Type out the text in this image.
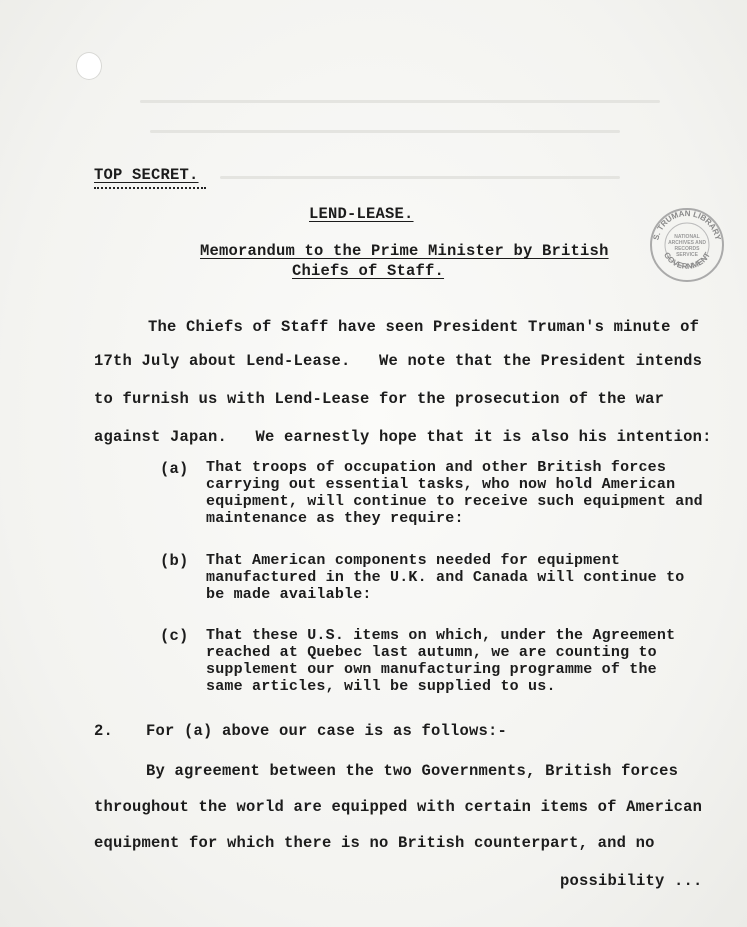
TOP SECRET.
LEND-LEASE.
Memorandum to the Prime Minister by British
Chiefs of Staff.
S. TRUMAN LIBRARY
GOVERNMENT
NATIONAL ARCHIVES AND RECORDS SERVICE
The Chiefs of Staff have seen President Truman's minute of
17th July about Lend-Lease.   We note that the President intends
to furnish us with Lend-Lease for the prosecution of the war
against Japan.   We earnestly hope that it is also his intention:
(a) That troops of occupation and other British forces
carrying out essential tasks, who now hold American
equipment, will continue to receive such equipment and
maintenance as they require:
(b) That American components needed for equipment
manufactured in the U.K. and Canada will continue to
be made available:
(c) That these U.S. items on which, under the Agreement
reached at Quebec last autumn, we are counting to
supplement our own manufacturing programme of the
same articles, will be supplied to us.
2. For (a) above our case is as follows:-
By agreement between the two Governments, British forces
throughout the world are equipped with certain items of American
equipment for which there is no British counterpart, and no
possibility ...
